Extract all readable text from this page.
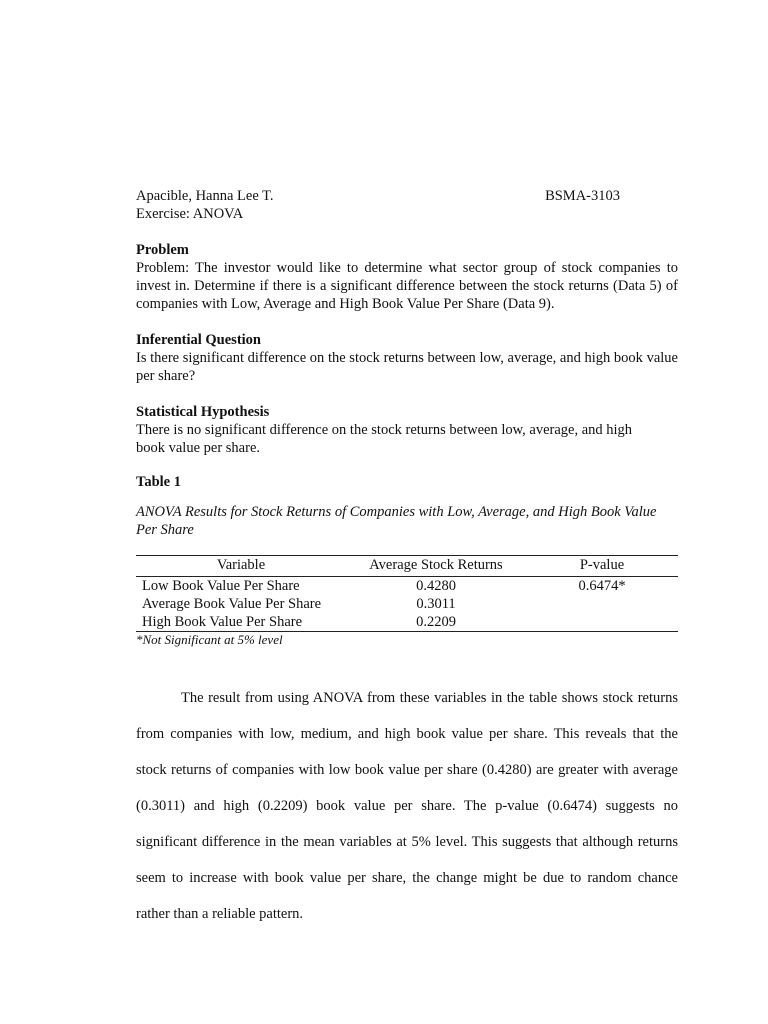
Apacible, Hanna Lee T.	BSMA-3103
Exercise: ANOVA
Problem
Problem: The investor would like to determine what sector group of stock companies to invest in. Determine if there is a significant difference between the stock returns (Data 5) of companies with Low, Average and High Book Value Per Share (Data 9).
Inferential Question
Is there significant difference on the stock returns between low, average, and high book value per share?
Statistical Hypothesis
There is no significant difference on the stock returns between low, average, and high book value per share.
Table 1
ANOVA Results for Stock Returns of Companies with Low, Average, and High Book Value Per Share
Variable	Average Stock Returns	P-value
Low Book Value Per Share	0.4280	0.6474*
Average Book Value Per Share	0.3011	
High Book Value Per Share	0.2209	
*Not Significant at 5% level
The result from using ANOVA from these variables in the table shows stock returns from companies with low, medium, and high book value per share. This reveals that the stock returns of companies with low book value per share (0.4280) are greater with average (0.3011) and high (0.2209) book value per share. The p-value (0.6474) suggests no significant difference in the mean variables at 5% level. This suggests that although returns seem to increase with book value per share, the change might be due to random chance rather than a reliable pattern.
